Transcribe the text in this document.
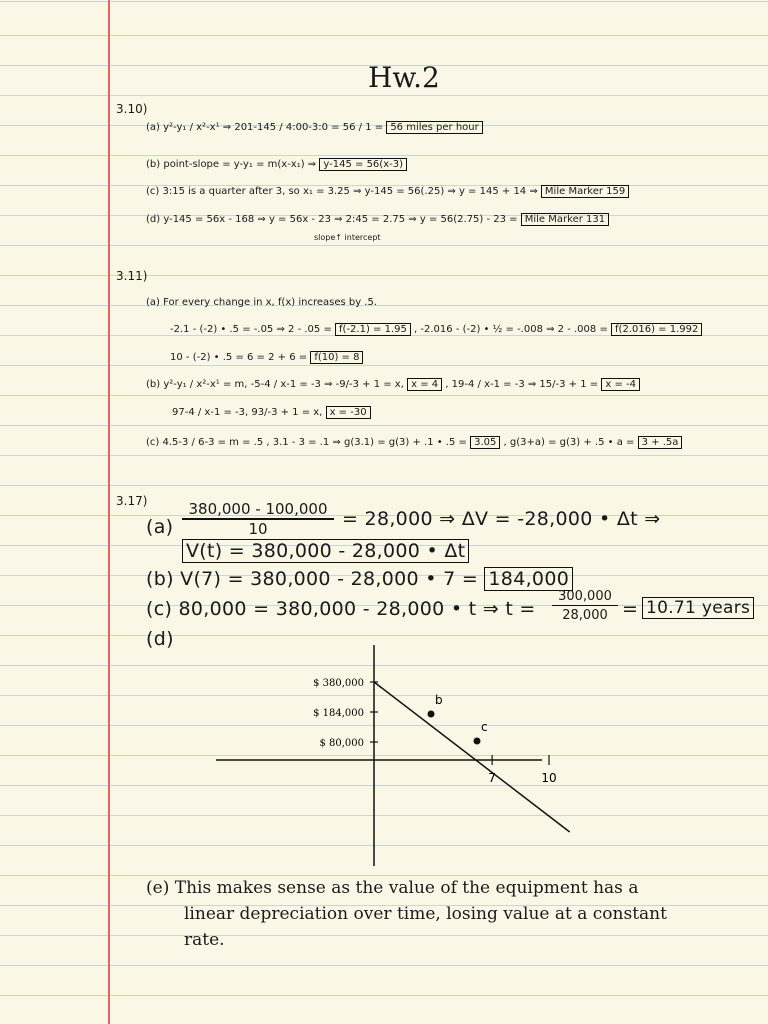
Hw.2
3.10)
(a) y²-y₁ / x²-x¹ ⇒ 201-145 / 4:00-3:0 = 56 / 1 = 56 miles per hour
(b) point-slope = y-y₁ = m(x-x₁) ⇒ y-145 = 56(x-3)
(c) 3:15 is a quarter after 3, so x₁ = 3.25 ⇒ y-145 = 56(.25) ⇒ y = 145 + 14 ⇒ Mile Marker 159
(d) y-145 = 56x - 168 ⇒ y = 56x - 23 ⇒ 2:45 = 2.75 ⇒ y = 56(2.75) - 23 = Mile Marker 131
slope↑ intercept
3.11)
(a) For every change in x, f(x) increases by .5.
-2.1 - (-2) • .5 = -.05 ⇒ 2 - .05 = f(-2.1) = 1.95 , -2.016 - (-2) • ½ = -.008 ⇒ 2 - .008 = f(2.016) = 1.992
10 - (-2) • .5 = 6 = 2 + 6 = f(10) = 8
(b) y²-y₁ / x²-x¹ = m, -5-4 / x-1 = -3 ⇒ -9/-3 + 1 = x, x = 4 , 19-4 / x-1 = -3 ⇒ 15/-3 + 1 = x = -4
97-4 / x-1 = -3, 93/-3 + 1 = x, x = -30
(c) 4.5-3 / 6-3 = m = .5 , 3.1 - 3 = .1 ⇒ g(3.1) = g(3) + .1 • .5 = 3.05 , g(3+a) = g(3) + .5 • a = 3 + .5a
3.17)
(a)
380,000 - 100,000
10	= 28,000 ⇒ ΔV = -28,000 • Δt ⇒
V(t) = 380,000 - 28,000 • Δt
(b) V(7) = 380,000 - 28,000 • 7 = 184,000
(c) 80,000 = 380,000 - 28,000 • t ⇒ t =
300,000
28,000 = 10.71 years
(d)
$ 380,000
$ 184,000
$ 80,000
7	10
b
c
(e) This makes sense as the value of the equipment has a
linear depreciation over time, losing value at a constant
rate.
